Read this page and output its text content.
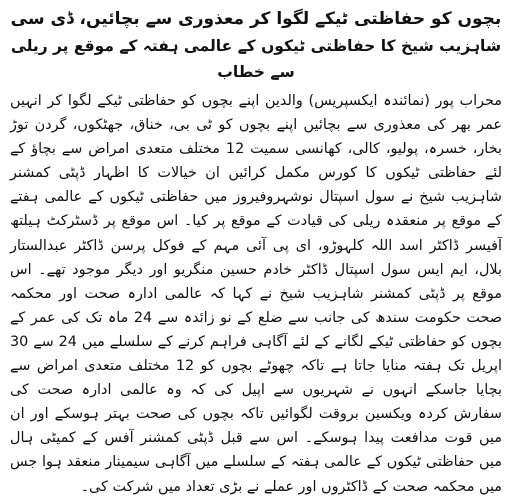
بچوں کو حفاظتی ٹیکے لگوا کر معذوری سے بچائیں، ڈی سی
شاہزیب شیخ کا حفاظتی ٹیکوں کے عالمی ہفتہ کے موقع پر ریلی سے خطاب

محراب پور (نمائندہ ایکسپریس) والدین اپنے بچوں کو حفاظتی ٹیکے لگوا کر انہیں عمر بھر کی معذوری سے بچائیں اپنے بچوں کو ٹی بی، خناق، جھٹکوں، گردن توڑ بخار، خسرہ، پولیو، کالی، کھانسی سمیت 12 مختلف متعدی امراض سے بچاؤ کے لئے حفاظتی ٹیکوں کا کورس مکمل کرائیں ان خیالات کا اظہار ڈپٹی کمشنر شاہزیب شیخ نے سول اسپتال نوشہروفیروز میں حفاظتی ٹیکوں کے عالمی ہفتے کے موقع پر منعقدہ ریلی کی قیادت کے موقع پر کیا۔ اس موقع پر ڈسٹرکٹ ہیلتھ آفیسر ڈاکٹر اسد اللہ کلہوڑو، ای پی آئی مہم کے فوکل پرسن ڈاکٹر عبدالستار بلال، ایم ایس سول اسپتال ڈاکٹر خادم حسین منگریو اور دیگر موجود تھے۔ اس موقع پر ڈپٹی کمشنر شاہزیب شیخ نے کہا کہ عالمی ادارہ صحت اور محکمہ صحت حکومت سندھ کی جانب سے ضلع کے نو زائدہ سے 24 ماہ تک کی عمر کے بچوں کو حفاظتی ٹیکے لگانے کے لئے آگاہی فراہم کرنے کے سلسلے میں 24 سے 30 اپریل تک ہفتہ منایا جاتا ہے تاکہ چھوٹے بچوں کو 12 مختلف متعدی امراض سے بچایا جاسکے انہوں نے شہریوں سے اپیل کی کہ وہ عالمی ادارہ صحت کی سفارش کردہ ویکسین بروقت لگوائیں تاکہ بچوں کی صحت بہتر ہوسکے اور ان میں قوت مدافعت پیدا ہوسکے۔ اس سے قبل ڈپٹی کمشنر آفس کے کمیٹی ہال میں حفاظتی ٹیکوں کے عالمی ہفتہ کے سلسلے میں آگاہی سیمینار منعقد ہوا جس میں محکمہ صحت کے ڈاکٹروں اور عملے نے بڑی تعداد میں شرکت کی۔
